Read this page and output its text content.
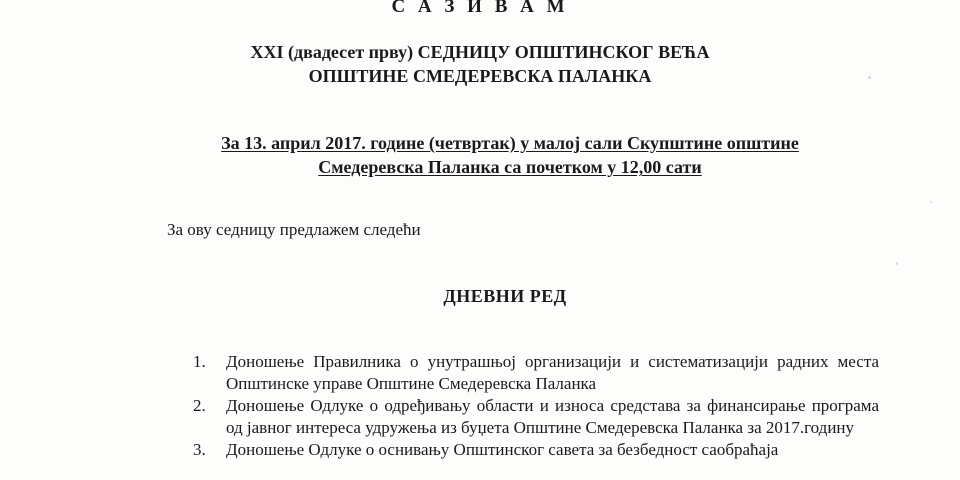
С А З И В А М
XXI (двадесет прву) СЕДНИЦУ ОПШТИНСКОГ ВЕЋА
ОПШТИНЕ СМЕДЕРЕВСКА ПАЛАНКА
За 13. април 2017. године (четвртак) у малој сали Скупштине општине
Смедеревска Паланка са почетком у 12,00 сати
За ову седницу предлажем следећи
ДНЕВНИ РЕД
1. Доношење Правилника о унутрашњој организацији и систематизацији радних места Општинске управе Општине Смедеревска Паланка
2. Доношење Одлуке о одређивању области и износа средстава за финансирање програма од јавног интереса удружења из буџета Општине Смедеревска Паланка за 2017.годину
3. Доношење Одлуке о оснивању Општинског савета за безбедност саобраћаја
